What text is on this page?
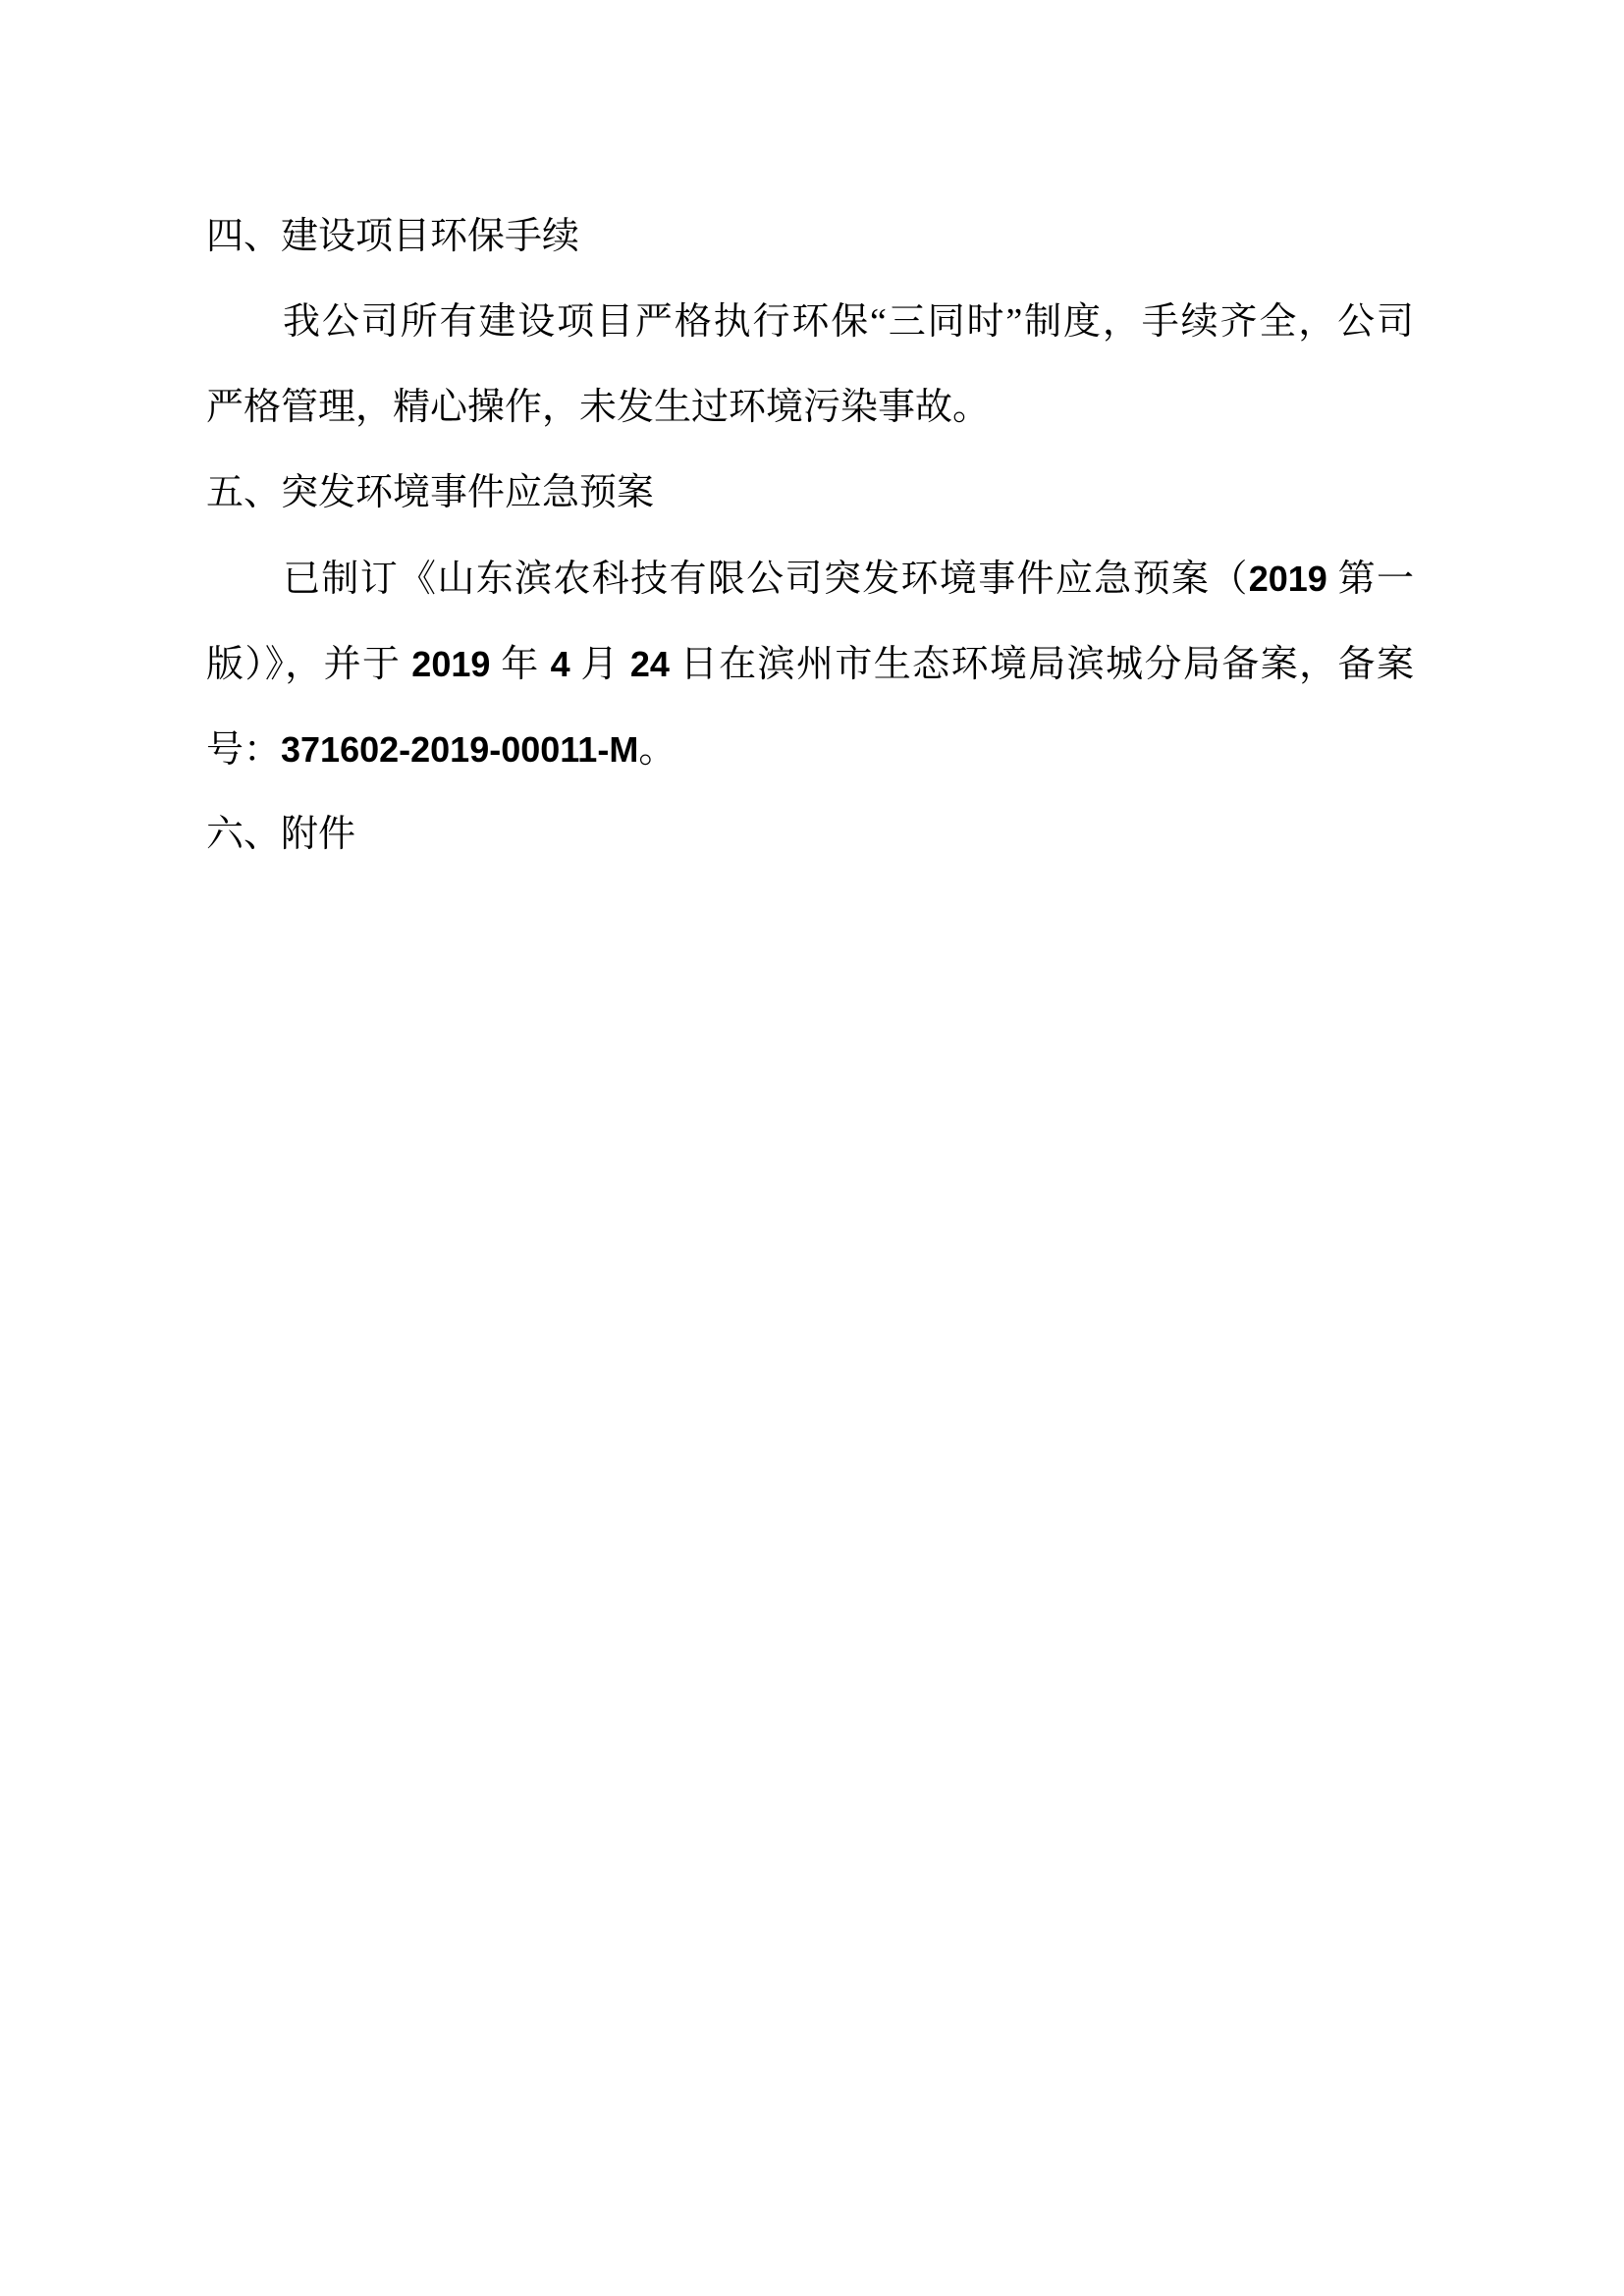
四、建设项目环保手续
我公司所有建设项目严格执行环保“三同时”制度，手续齐全，公司
严格管理，精心操作，未发生过环境污染事故。
五、突发环境事件应急预案
已制订《山东滨农科技有限公司突发环境事件应急预案（2019 第一
版）》，并于 2019 年 4 月 24 日在滨州市生态环境局滨城分局备案，备案
号：371602-2019-00011-M。
六、附件
